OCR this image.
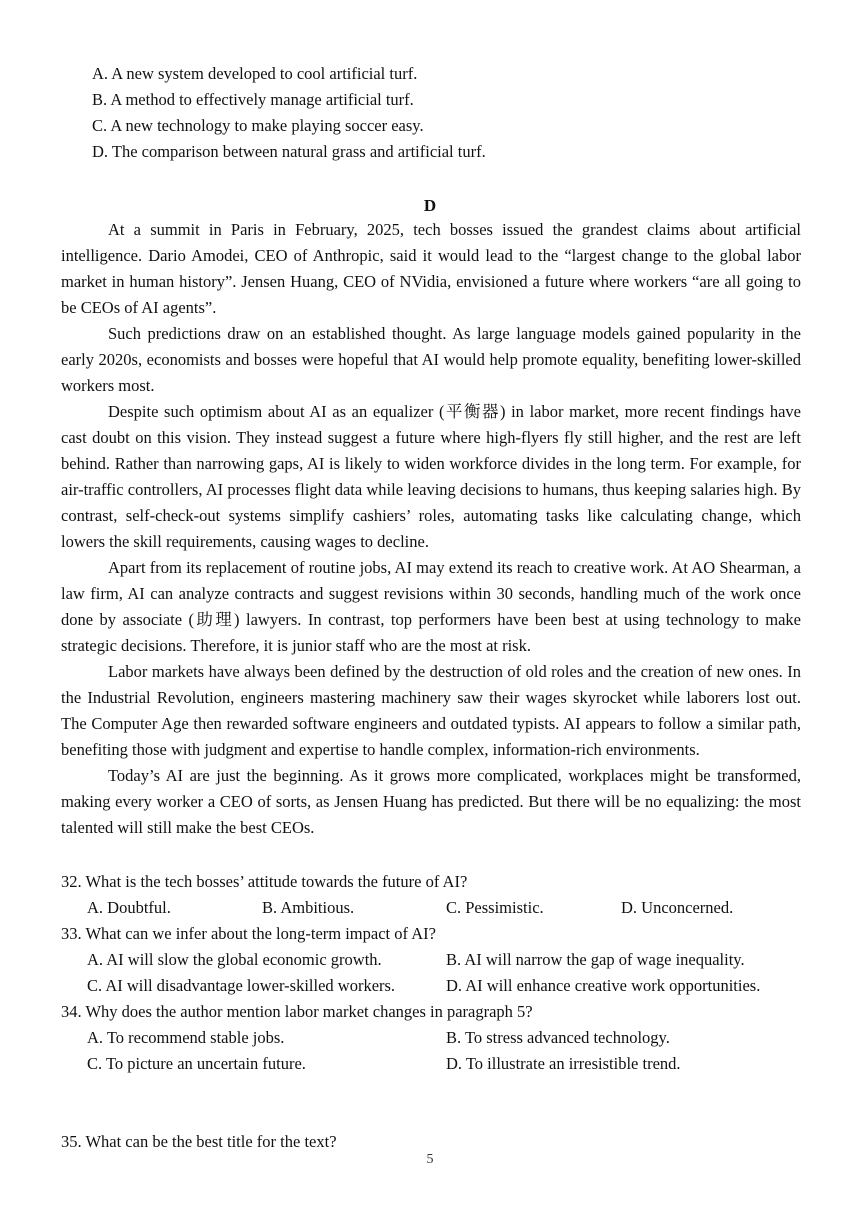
A. A new system developed to cool artificial turf.
B. A method to effectively manage artificial turf.
C. A new technology to make playing soccer easy.
D. The comparison between natural grass and artificial turf.
D

At a summit in Paris in February, 2025, tech bosses issued the grandest claims about artificial intelligence. Dario Amodei, CEO of Anthropic, said it would lead to the “largest change to the global labor market in human history”. Jensen Huang, CEO of NVidia, envisioned a future where workers “are all going to be CEOs of AI agents”.

Such predictions draw on an established thought. As large language models gained popularity in the early 2020s, economists and bosses were hopeful that AI would help promote equality, benefiting lower-skilled workers most.

Despite such optimism about AI as an equalizer (平衡器) in labor market, more recent findings have cast doubt on this vision. They instead suggest a future where high-flyers fly still higher, and the rest are left behind. Rather than narrowing gaps, AI is likely to widen workforce divides in the long term. For example, for air-traffic controllers, AI processes flight data while leaving decisions to humans, thus keeping salaries high. By contrast, self-check-out systems simplify cashiers’ roles, automating tasks like calculating change, which lowers the skill requirements, causing wages to decline.

Apart from its replacement of routine jobs, AI may extend its reach to creative work. At AO Shearman, a law firm, AI can analyze contracts and suggest revisions within 30 seconds, handling much of the work once done by associate (助理) lawyers. In contrast, top performers have been best at using technology to make strategic decisions. Therefore, it is junior staff who are the most at risk.

Labor markets have always been defined by the destruction of old roles and the creation of new ones. In the Industrial Revolution, engineers mastering machinery saw their wages skyrocket while laborers lost out. The Computer Age then rewarded software engineers and outdated typists. AI appears to follow a similar path, benefiting those with judgment and expertise to handle complex, information-rich environments.

Today’s AI are just the beginning. As it grows more complicated, workplaces might be transformed, making every worker a CEO of sorts, as Jensen Huang has predicted. But there will be no equalizing: the most talented will still make the best CEOs.

32. What is the tech bosses’ attitude towards the future of AI?
A. Doubtful.	B. Ambitious.	C. Pessimistic.	D. Unconcerned.
33. What can we infer about the long-term impact of AI?
A. AI will slow the global economic growth.	B. AI will narrow the gap of wage inequality.
C. AI will disadvantage lower-skilled workers.	D. AI will enhance creative work opportunities.
34. Why does the author mention labor market changes in paragraph 5?
A. To recommend stable jobs.	B. To stress advanced technology.
C. To picture an uncertain future.	D. To illustrate an irresistible trend.
35. What can be the best title for the text?
5
